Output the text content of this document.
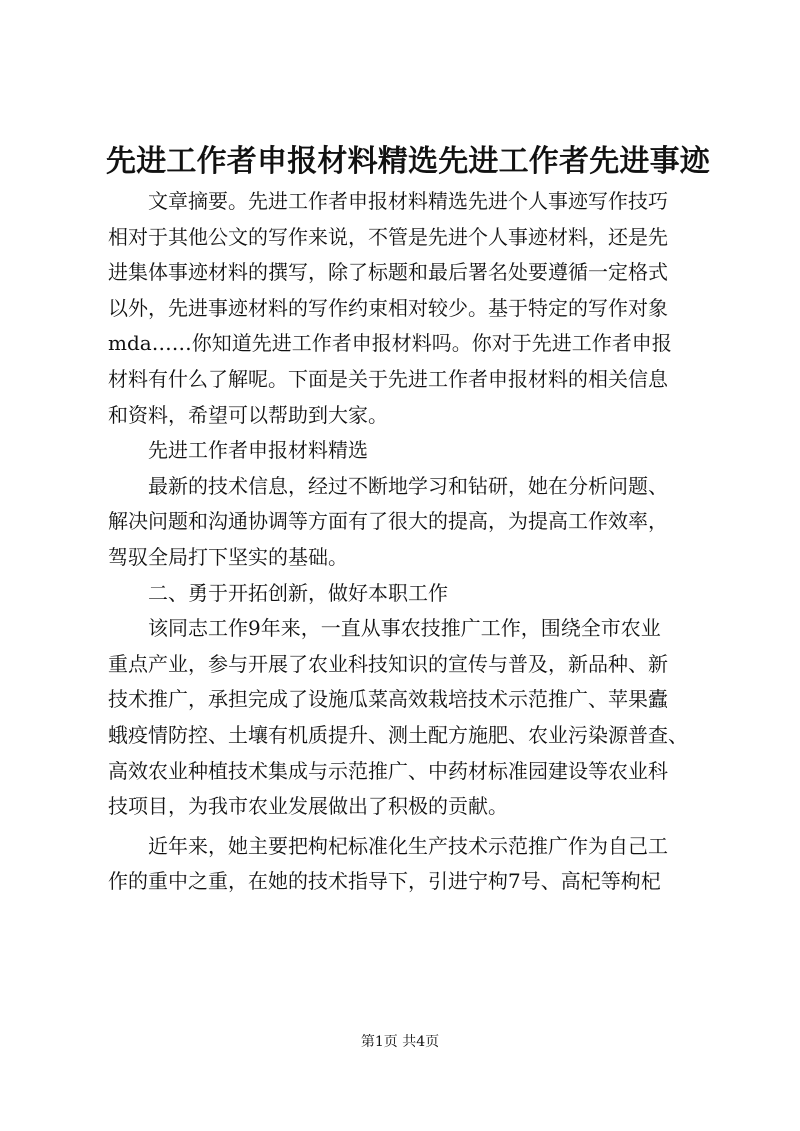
先进工作者申报材料精选先进工作者先进事迹
文章摘要。先进工作者申报材料精选先进个人事迹写作技巧
相对于其他公文的写作来说，不管是先进个人事迹材料，还是先
进集体事迹材料的撰写，除了标题和最后署名处要遵循一定格式
以外，先进事迹材料的写作约束相对较少。基于特定的写作对象
mda……你知道先进工作者申报材料吗。你对于先进工作者申报
材料有什么了解呢。下面是关于先进工作者申报材料的相关信息
和资料，希望可以帮助到大家。
先进工作者申报材料精选
最新的技术信息，经过不断地学习和钻研，她在分析问题、
解决问题和沟通协调等方面有了很大的提高，为提高工作效率，
驾驭全局打下坚实的基础。
二、勇于开拓创新，做好本职工作
该同志工作9年来，一直从事农技推广工作，围绕全市农业
重点产业，参与开展了农业科技知识的宣传与普及，新品种、新
技术推广，承担完成了设施瓜菜高效栽培技术示范推广、苹果蠹
蛾疫情防控、土壤有机质提升、测土配方施肥、农业污染源普查、
高效农业种植技术集成与示范推广、中药材标准园建设等农业科
技项目，为我市农业发展做出了积极的贡献。
近年来，她主要把枸杞标准化生产技术示范推广作为自己工
作的重中之重，在她的技术指导下，引进宁枸7号、高杞等枸杞
第1页 共4页
